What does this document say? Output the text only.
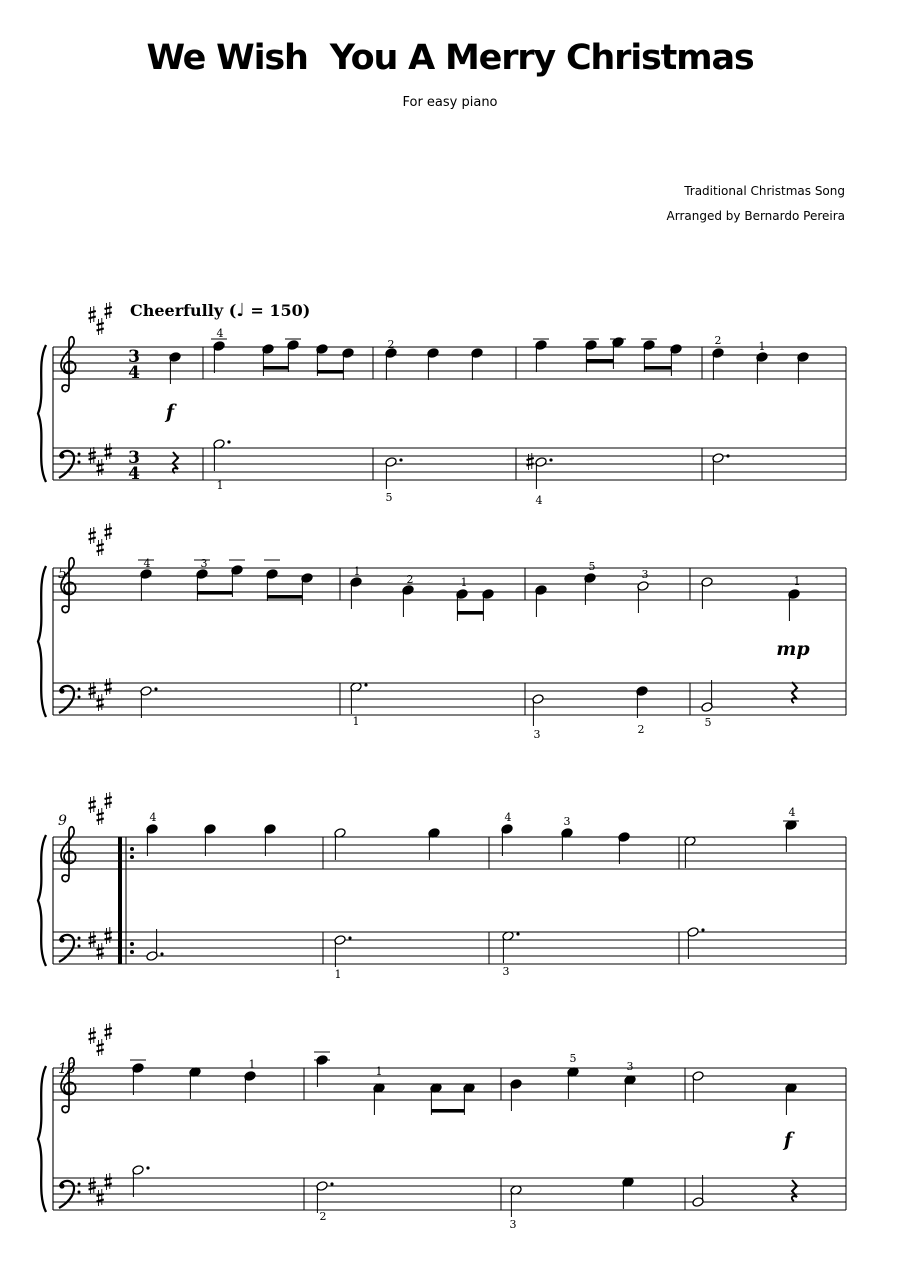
We Wish  You A Merry Christmas
For easy piano
Traditional Christmas Song
Arranged by Bernardo Pereira
Cheerfully (♩ = 150)
3
4
3
4
5
9
13
4
2	2	1
1
5	4
4	3
1
2	1
5
3
1
1
3	2
5
4	4	3
4
1	3
1
1
5
3
2
3
f
mp
f
